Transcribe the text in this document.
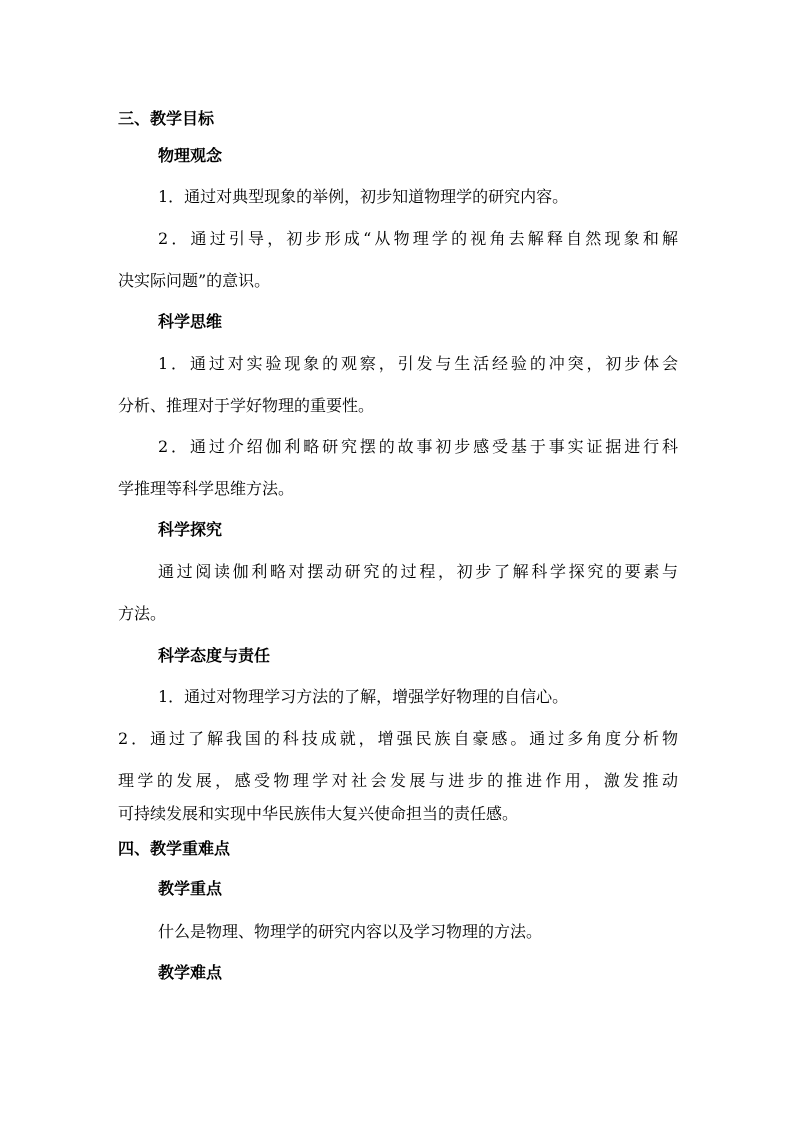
三、教学目标
物理观念
1．通过对典型现象的举例，初步知道物理学的研究内容。
2．通过引导，初步形成“从物理学的视角去解释自然现象和解
决实际问题”的意识。
科学思维
1．通过对实验现象的观察，引发与生活经验的冲突，初步体会
分析、推理对于学好物理的重要性。
2．通过介绍伽利略研究摆的故事初步感受基于事实证据进行科
学推理等科学思维方法。
科学探究
通过阅读伽利略对摆动研究的过程，初步了解科学探究的要素与
方法。
科学态度与责任
1．通过对物理学习方法的了解，增强学好物理的自信心。
2．通过了解我国的科技成就，增强民族自豪感。通过多角度分析物
理学的发展，感受物理学对社会发展与进步的推进作用，激发推动
可持续发展和实现中华民族伟大复兴使命担当的责任感。
四、教学重难点
教学重点
什么是物理、物理学的研究内容以及学习物理的方法。
教学难点
